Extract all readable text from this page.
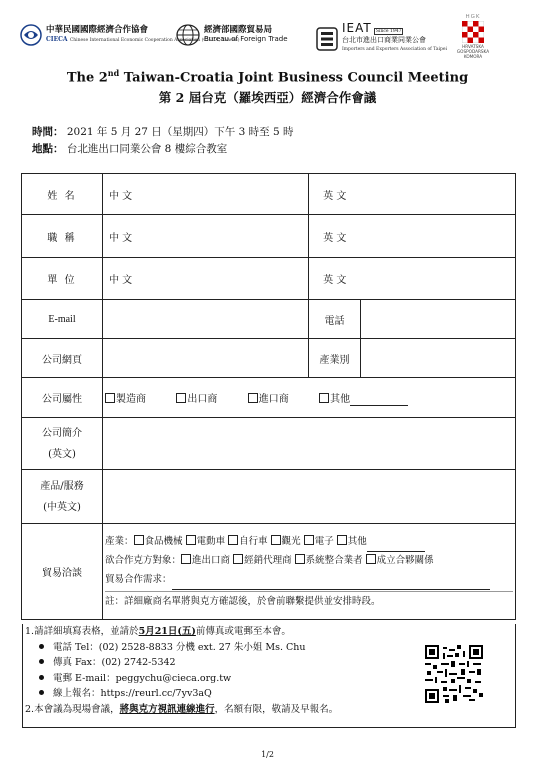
中華民國國際經濟合作協會
CIECA Chinese International Economic Cooperation Association (CIECA, Taiwan)
經濟部國際貿易局
Bureau of Foreign Trade
IEAT Since 1947
台北市進出口商業同業公會
Importers and Exporters Association of Taipei
HGK
HRVATSKA
GOSPODARSKA
KOMORA
The 2nd Taiwan-Croatia Joint Business Council Meeting
第 2 屆台克（羅埃西亞）經濟合作會議
時間： 2021 年 5 月 27 日（星期四）下午 3 時至 5 時
地點： 台北進出口同業公會 8 樓綜合教室
姓 名	中 文		英 文	
職 稱	中 文		英 文	
單 位	中 文		英 文	
E-mail			電話	
公司網頁			產業別	
公司屬性	製造商 出口商 進口商 其他			

公司簡介
(英文)				

產品/服務
(中英文)				

貿易洽談	產業： 食品機械 電動車 自行車 觀光 電子 其他
欲合作克方對象： 進出口商 經銷代理商 系統整合業者 成立合夥關係
貿易合作需求：
註：詳細廠商名單將與克方確認後，於會前聯繫提供並安排時段。			
1.請詳細填寫表格，並請於5月21日(五)前傳真或電郵至本會。
電話 Tel：(02) 2528-8833 分機 ext. 27 朱小姐 Ms. Chu
傳真 Fax：(02) 2742-5342
電郵 E-mail：peggychu@cieca.org.tw
線上報名：https://reurl.cc/7yv3aQ
2.本會議為現場會議，將與克方視訊連線進行，名額有限，敬請及早報名。
1/2
